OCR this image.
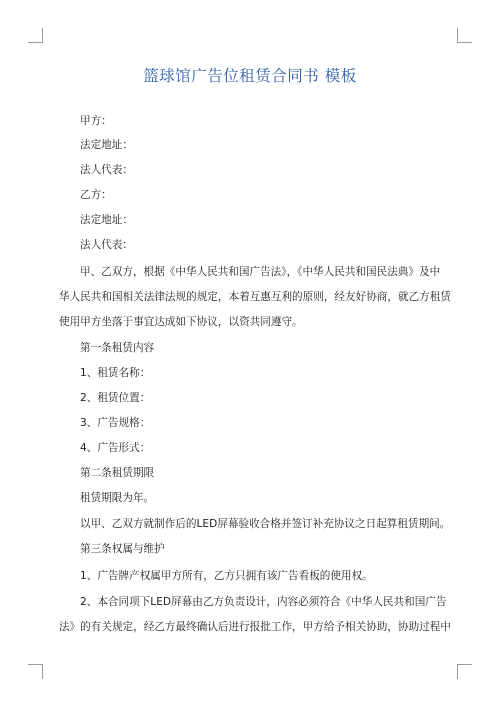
篮球馆广告位租赁合同书 模板

甲方：

法定地址：

法人代表：

乙方：

法定地址：

法人代表：

甲、乙双方，根据《中华人民共和国广告法》，《中华人民共和国民法典》及中

华人民共和国相关法律法规的规定，本着互惠互利的原则，经友好协商，就乙方租赁

使用甲方坐落于事宜达成如下协议，以资共同遵守。

第一条租赁内容

1、租赁名称：

2、租赁位置：

3、广告规格：

4、广告形式：

第二条租赁期限

租赁期限为年。

以甲、乙双方就制作后的LED屏幕验收合格并签订补充协议之日起算租赁期间。

第三条权属与维护

1、广告牌产权属甲方所有，乙方只拥有该广告看板的使用权。

2、本合同项下LED屏幕由乙方负责设计，内容必须符合《中华人民共和国广告

法》的有关规定，经乙方最终确认后进行报批工作，甲方给予相关协助，协助过程中
